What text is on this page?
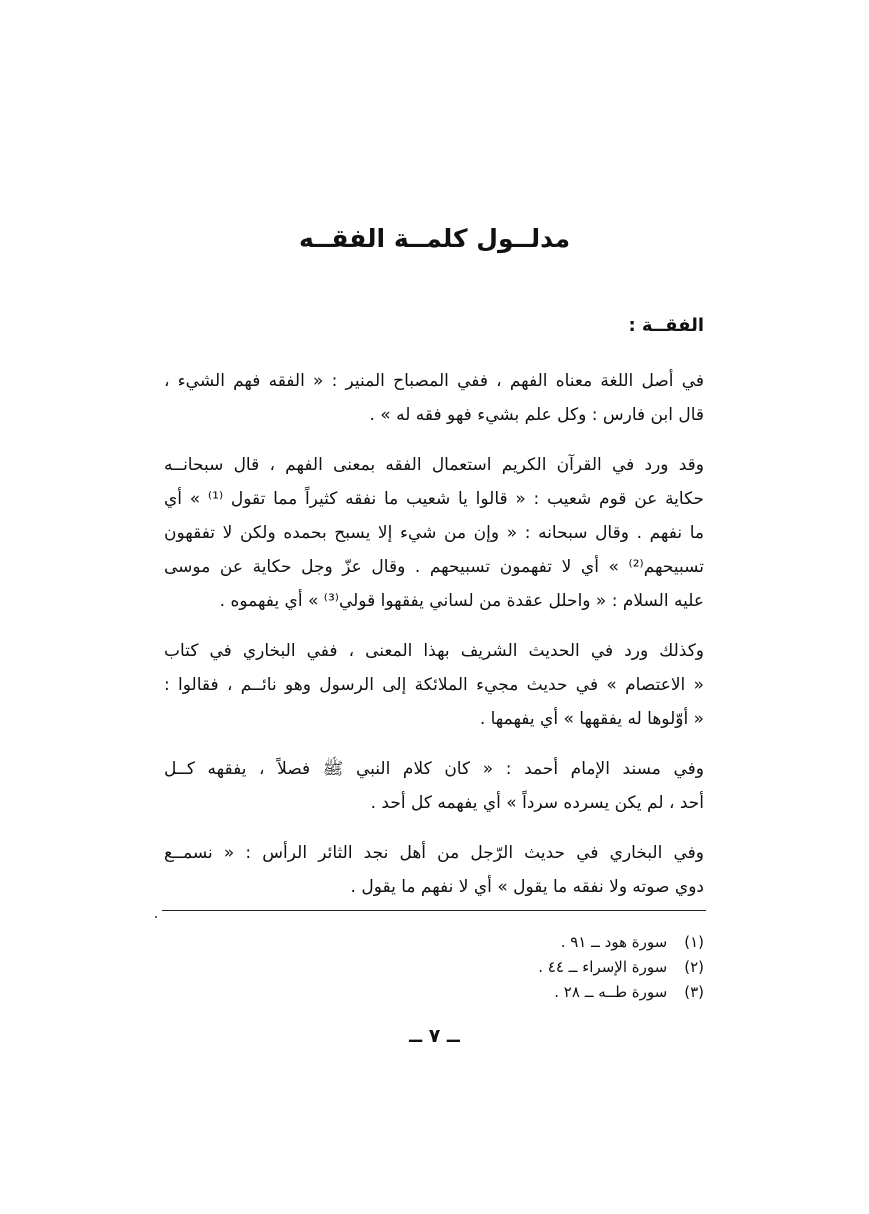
مدلــول كلمــة الفقــه
الفقــة :
في أصل اللغة معناه الفهم ، ففي المصباح المنير : « الفقه فهم الشيء ،
قال ابن فارس : وكل علم بشيء فهو فقه له » .
وقد ورد في القرآن الكريم استعمال الفقه بمعنى الفهم ، قال سبحانــه
حكاية عن قوم شعيب : « قالوا يا شعيب ما نفقه كثيراً مما تقول ⁽¹⁾ » أي
ما نفهم . وقال سبحانه : « وإن من شيء إلا يسبح بحمده ولكن لا تفقهون
تسبيحهم⁽²⁾ » أي لا تفهمون تسبيحهم . وقال عزّ وجل حكاية عن موسى
عليه السلام : « واحلل عقدة من لساني يفقهوا قولي⁽³⁾ » أي يفهموه .
وكذلك ورد في الحديث الشريف بهذا المعنى ، ففي البخاري في كتاب
« الاعتصام » في حديث مجيء الملائكة إلى الرسول وهو نائــم ، فقالوا :
« أوّلوها له يفقهها » أي يفهمها .
وفي مسند الإمام أحمد : « كان كلام النبي ﷺ فصلاً ، يفقهه كــل
أحد ، لم يكن يسرده سرداً » أي يفهمه كل أحد .
وفي البخاري في حديث الرّجل من أهل نجد الثائر الرأس : « نسمــع
دوي صوته ولا نفقه ما يقول » أي لا نفهم ما يقول .
(١) سورة هود ــ ٩١ .
(٢) سورة الإسراء ــ ٤٤ .
(٣) سورة طــه ــ ٢٨ .
ــ ٧ ــ
